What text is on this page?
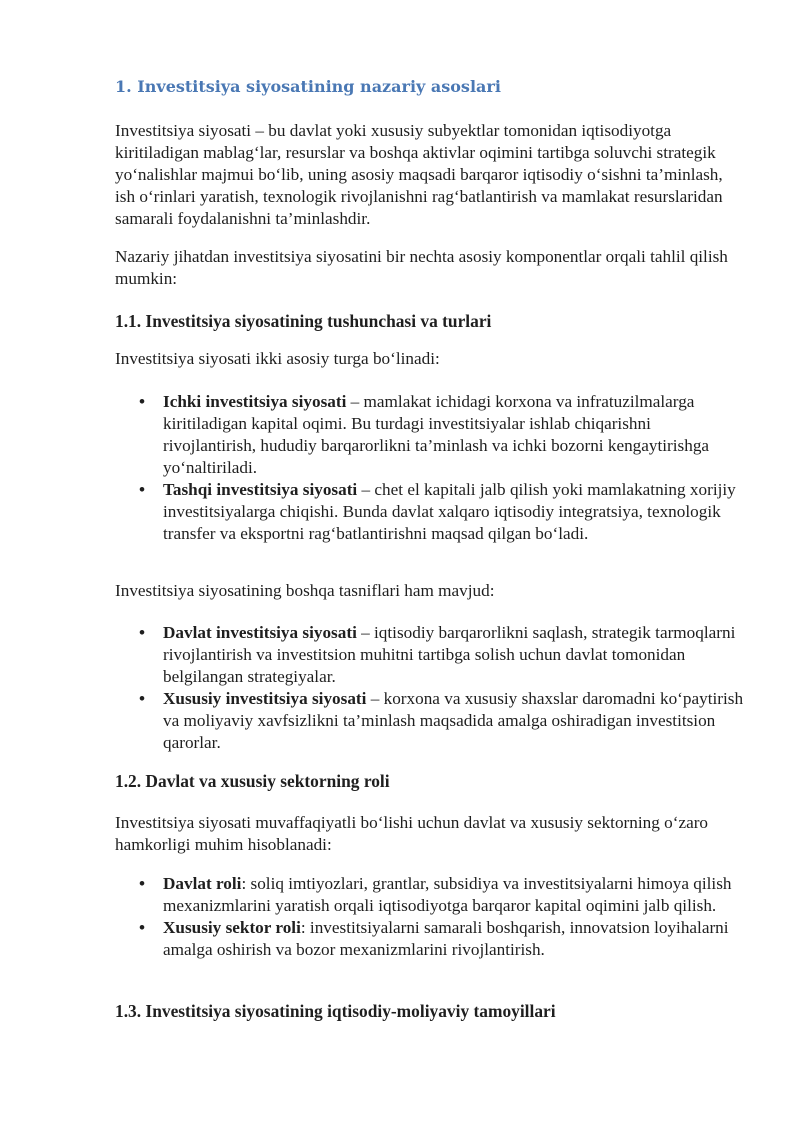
1. Investitsiya siyosatining nazariy asoslari

Investitsiya siyosati – bu davlat yoki xususiy subyektlar tomonidan iqtisodiyotga kiritiladigan mablag‘lar, resurslar va boshqa aktivlar oqimini tartibga soluvchi strategik yo‘nalishlar majmui bo‘lib, uning asosiy maqsadi barqaror iqtisodiy o‘sishni ta’minlash, ish o‘rinlari yaratish, texnologik rivojlanishni rag‘batlantirish va mamlakat resurslaridan samarali foydalanishni ta’minlashdir.

Nazariy jihatdan investitsiya siyosatini bir nechta asosiy komponentlar orqali tahlil qilish mumkin:

1.1. Investitsiya siyosatining tushunchasi va turlari

Investitsiya siyosati ikki asosiy turga bo‘linadi:

• Ichki investitsiya siyosati – mamlakat ichidagi korxona va infratuzilmalarga kiritiladigan kapital oqimi. Bu turdagi investitsiyalar ishlab chiqarishni rivojlantirish, hududiy barqarorlikni ta’minlash va ichki bozorni kengaytirishga yo‘naltiriladi.
• Tashqi investitsiya siyosati – chet el kapitali jalb qilish yoki mamlakatning xorijiy investitsiyalarga chiqishi. Bunda davlat xalqaro iqtisodiy integratsiya, texnologik transfer va eksportni rag‘batlantirishni maqsad qilgan bo‘ladi.

Investitsiya siyosatining boshqa tasniflari ham mavjud:

• Davlat investitsiya siyosati – iqtisodiy barqarorlikni saqlash, strategik tarmoqlarni rivojlantirish va investitsion muhitni tartibga solish uchun davlat tomonidan belgilangan strategiyalar.
• Xususiy investitsiya siyosati – korxona va xususiy shaxslar daromadni ko‘paytirish va moliyaviy xavfsizlikni ta’minlash maqsadida amalga oshiradigan investitsion qarorlar.
1.2. Davlat va xususiy sektorning roli

Investitsiya siyosati muvaffaqiyatli bo‘lishi uchun davlat va xususiy sektorning o‘zaro hamkorligi muhim hisoblanadi:

• Davlat roli: soliq imtiyozlari, grantlar, subsidiya va investitsiyalarni himoya qilish mexanizmlarini yaratish orqali iqtisodiyotga barqaror kapital oqimini jalb qilish.
• Xususiy sektor roli: investitsiyalarni samarali boshqarish, innovatsion loyihalarni amalga oshirish va bozor mexanizmlarini rivojlantirish.
1.3. Investitsiya siyosatining iqtisodiy-moliyaviy tamoyillari
